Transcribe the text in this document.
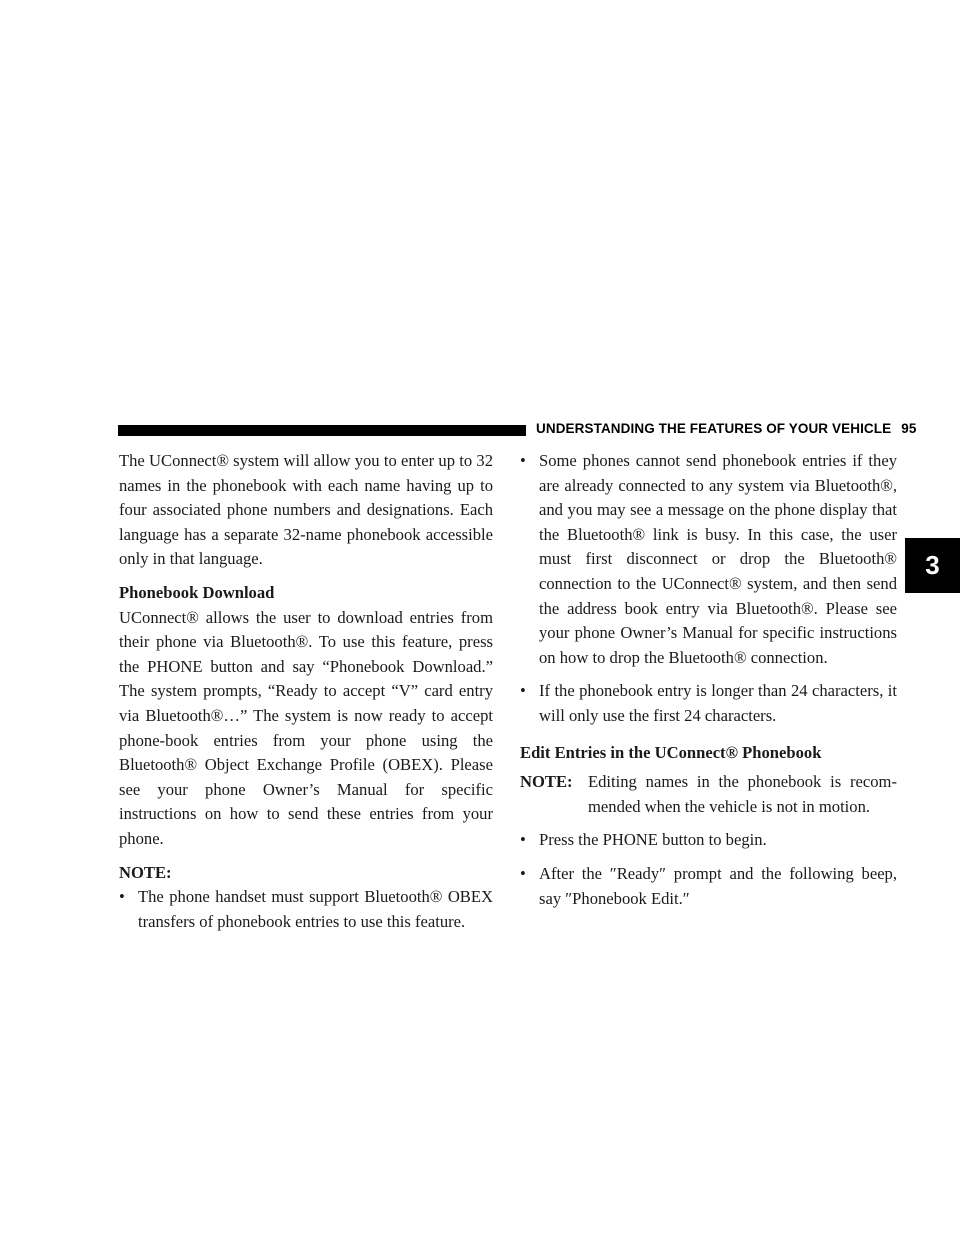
UNDERSTANDING THE FEATURES OF YOUR VEHICLE 95
3

The UConnect® system will allow you to enter up to 32 names in the phonebook with each name having up to four associated phone numbers and designations. Each language has a separate 32-name phonebook accessible only in that language.

Phonebook Download

UConnect® allows the user to download entries from their phone via Bluetooth®. To use this feature, press the PHONE button and say “Phonebook Download.” The system prompts, “Ready to accept “V” card entry via Bluetooth®…” The system is now ready to accept phone-book entries from your phone using the Bluetooth® Object Exchange Profile (OBEX). Please see your phone Owner’s Manual for specific instructions on how to send these entries from your phone.

NOTE:
• The phone handset must support Bluetooth® OBEX transfers of phonebook entries to use this feature.
• Some phones cannot send phonebook entries if they are already connected to any system via Bluetooth®, and you may see a message on the phone display that the Bluetooth® link is busy. In this case, the user must first disconnect or drop the Bluetooth® connection to the UConnect® system, and then send the address book entry via Bluetooth®. Please see your phone Owner’s Manual for specific instructions on how to drop the Bluetooth® connection.
• If the phonebook entry is longer than 24 characters, it will only use the first 24 characters.
Edit Entries in the UConnect® Phonebook
NOTE: Editing names in the phonebook is recom-mended when the vehicle is not in motion.
• Press the PHONE button to begin.
• After the ″Ready″ prompt and the following beep, say ″Phonebook Edit.″
